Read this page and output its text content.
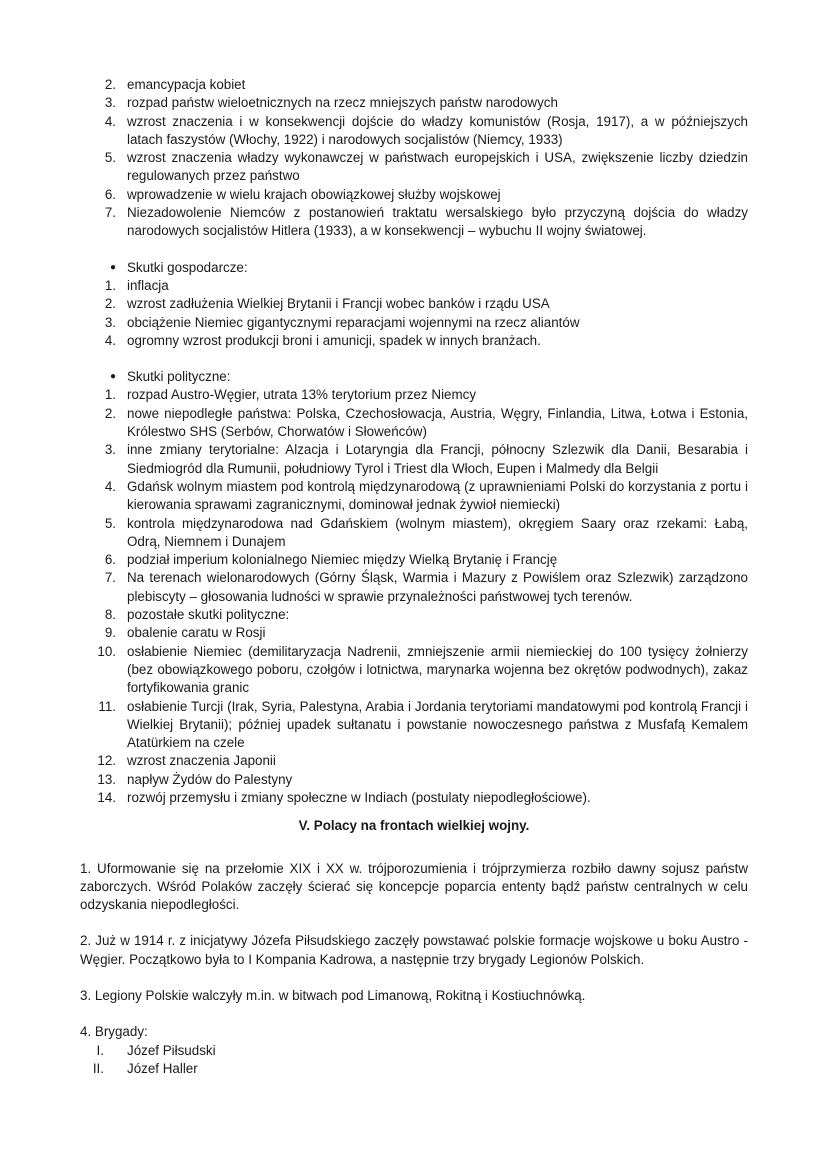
2. emancypacja kobiet
3. rozpad państw wieloetnicznych na rzecz mniejszych państw narodowych
4. wzrost znaczenia i w konsekwencji dojście do władzy komunistów (Rosja, 1917), a w późniejszych latach faszystów (Włochy, 1922) i narodowych socjalistów (Niemcy, 1933)
5. wzrost znaczenia władzy wykonawczej w państwach europejskich i USA, zwiększenie liczby dziedzin regulowanych przez państwo
6. wprowadzenie w wielu krajach obowiązkowej służby wojskowej
7. Niezadowolenie Niemców z postanowień traktatu wersalskiego było przyczyną dojścia do władzy narodowych socjalistów Hitlera (1933), a w konsekwencji – wybuchu II wojny światowej.
● Skutki gospodarcze:
1. inflacja
2. wzrost zadłużenia Wielkiej Brytanii i Francji wobec banków i rządu USA
3. obciążenie Niemiec gigantycznymi reparacjami wojennymi na rzecz aliantów
4. ogromny wzrost produkcji broni i amunicji, spadek w innych branżach.
● Skutki polityczne:
1. rozpad Austro-Węgier, utrata 13% terytorium przez Niemcy
2. nowe niepodległe państwa: Polska, Czechosłowacja, Austria, Węgry, Finlandia, Litwa, Łotwa i Estonia, Królestwo SHS (Serbów, Chorwatów i Słoweńców)
3. inne zmiany terytorialne: Alzacja i Lotaryngia dla Francji, północny Szlezwik dla Danii, Besarabia i Siedmiogród dla Rumunii, południowy Tyrol i Triest dla Włoch, Eupen i Malmedy dla Belgii
4. Gdańsk wolnym miastem pod kontrolą międzynarodową (z uprawnieniami Polski do korzystania z portu i kierowania sprawami zagranicznymi, dominował jednak żywioł niemiecki)
5. kontrola międzynarodowa nad Gdańskiem (wolnym miastem), okręgiem Saary oraz rzekami: Łabą, Odrą, Niemnem i Dunajem
6. podział imperium kolonialnego Niemiec między Wielką Brytanię i Francję
7. Na terenach wielonarodowych (Górny Śląsk, Warmia i Mazury z Powiślem oraz Szlezwik) zarządzono plebiscyty – głosowania ludności w sprawie przynależności państwowej tych terenów.
8. pozostałe skutki polityczne:
9. obalenie caratu w Rosji
10. osłabienie Niemiec (demilitaryzacja Nadrenii, zmniejszenie armii niemieckiej do 100 tysięcy żołnierzy (bez obowiązkowego poboru, czołgów i lotnictwa, marynarka wojenna bez okrętów podwodnych), zakaz fortyfikowania granic
11. osłabienie Turcji (Irak, Syria, Palestyna, Arabia i Jordania terytoriami mandatowymi pod kontrolą Francji i Wielkiej Brytanii); później upadek sułtanatu i powstanie nowoczesnego państwa z Musfafą Kemalem Atatürkiem na czele
12. wzrost znaczenia Japonii
13. napływ Żydów do Palestyny
14. rozwój przemysłu i zmiany społeczne w Indiach (postulaty niepodległościowe).
V. Polacy na frontach wielkiej wojny.

1. Uformowanie się na przełomie XIX i XX w. trójporozumienia i trójprzymierza rozbiło dawny sojusz państw zaborczych. Wśród Polaków zaczęły ścierać się koncepcje poparcia ententy bądź państw centralnych w celu odzyskania niepodległości.

2. Już w 1914 r. z inicjatywy Józefa Piłsudskiego zaczęły powstawać polskie formacje wojskowe u boku Austro -Węgier. Początkowo była to I Kompania Kadrowa, a następnie trzy brygady Legionów Polskich.

3. Legiony Polskie walczyły m.in. w bitwach pod Limanową, Rokitną i Kostiuchnówką.

4. Brygady:

I. Józef Piłsudski
II. Józef Haller
